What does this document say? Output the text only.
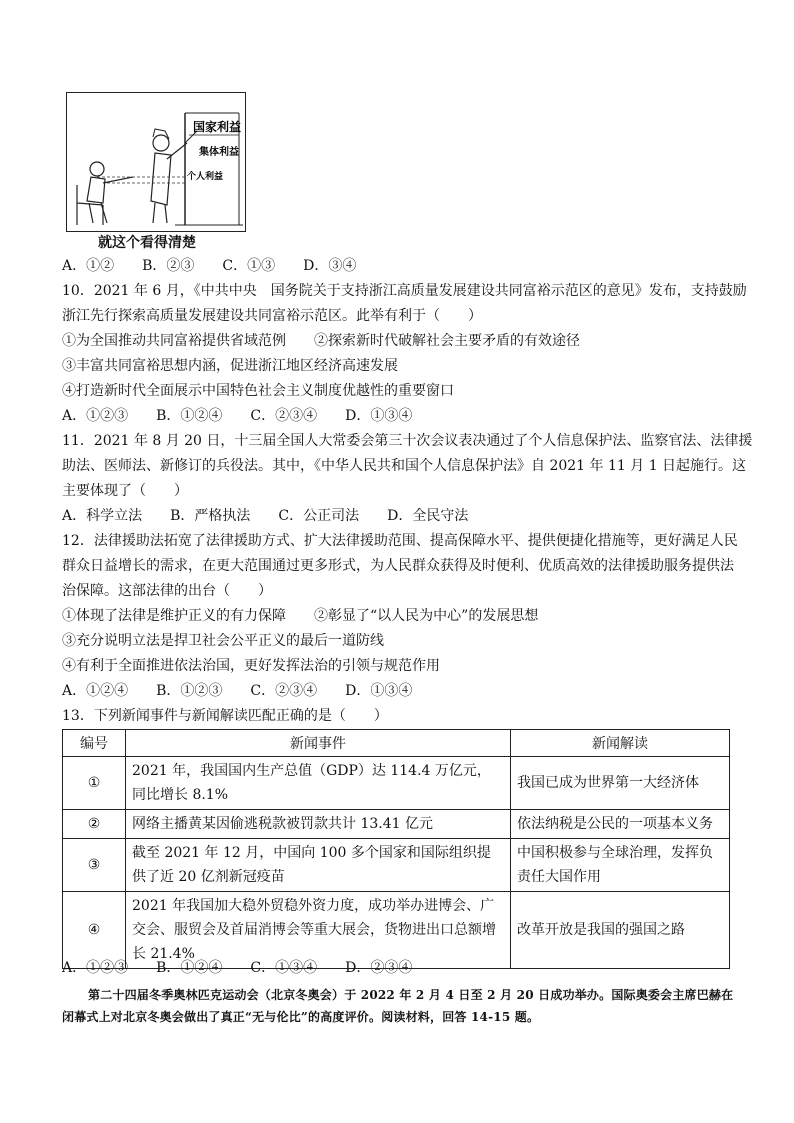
国家利益
集体利益
个人利益
就这个看得清楚
A．①②　　B．②③　　C．①③　　D．③④
10．2021 年 6 月，《中共中央　国务院关于支持浙江高质量发展建设共同富裕示范区的意见》发布，支持鼓励
浙江先行探索高质量发展建设共同富裕示范区。此举有利于（　　）
①为全国推动共同富裕提供省域范例　　②探索新时代破解社会主要矛盾的有效途径
③丰富共同富裕思想内涵，促进浙江地区经济高速发展
④打造新时代全面展示中国特色社会主义制度优越性的重要窗口
A．①②③　　B．①②④　　C．②③④　　D．①③④
11．2021 年 8 月 20 日，十三届全国人大常委会第三十次会议表决通过了个人信息保护法、监察官法、法律援
助法、医师法、新修订的兵役法。其中，《中华人民共和国个人信息保护法》自 2021 年 11 月 1 日起施行。这
主要体现了（　　）
A．科学立法　　B．严格执法　　C．公正司法　　D．全民守法
12．法律援助法拓宽了法律援助方式、扩大法律援助范围、提高保障水平、提供便捷化措施等，更好满足人民
群众日益增长的需求，在更大范围通过更多形式，为人民群众获得及时便利、优质高效的法律援助服务提供法
治保障。这部法律的出台（　　）
①体现了法律是维护正义的有力保障　　②彰显了“以人民为中心”的发展思想
③充分说明立法是捍卫社会公平正义的最后一道防线
④有利于全面推进依法治国，更好发挥法治的引领与规范作用
A．①②④　　B．①②③　　C．②③④　　D．①③④
13．下列新闻事件与新闻解读匹配正确的是（　　）
编号	新闻事件	新闻解读
①	2021 年，我国国内生产总值（GDP）达 114.4 万亿元，同比增长 8.1%	我国已成为世界第一大经济体
②	网络主播黄某因偷逃税款被罚款共计 13.41 亿元	依法纳税是公民的一项基本义务
③	截至 2021 年 12 月，中国向 100 多个国家和国际组织提供了近 20 亿剂新冠疫苗	中国积极参与全球治理，发挥负责任大国作用
④	2021 年我国加大稳外贸稳外资力度，成功举办进博会、广交会、服贸会及首届消博会等重大展会，货物进出口总额增长 21.4%	改革开放是我国的强国之路
A．①②③　　B．①②④　　C．①③④　　D．②③④
第二十四届冬季奥林匹克运动会（北京冬奥会）于 2022 年 2 月 4 日至 2 月 20 日成功举办。国际奥委会主席巴赫在闭幕式上对北京冬奥会做出了真正“无与伦比”的高度评价。阅读材料，回答 14-15 题。
